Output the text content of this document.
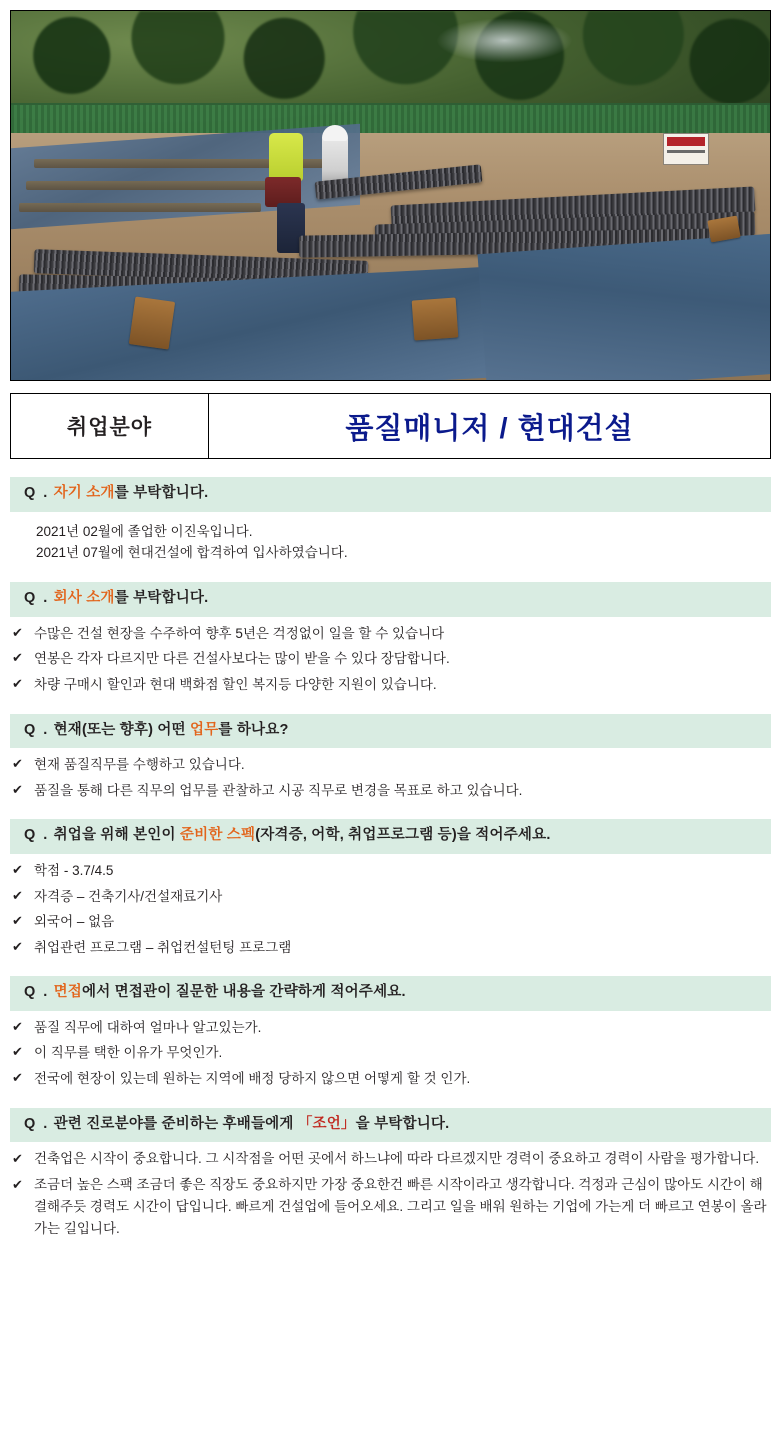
취업분야	품질매니저 / 현대건설
Q . 자기 소개를 부탁합니다.
2021년 02월에 졸업한 이진욱입니다.
2021년 07월에 현대건설에 합격하여 입사하였습니다.
Q . 회사 소개를 부탁합니다.
✔ 수많은 건설 현장을 수주하여 향후 5년은 걱정없이 일을 할 수 있습니다
✔ 연봉은 각자 다르지만 다른 건설사보다는 많이 받을 수 있다 장담합니다.
✔ 차량 구매시 할인과 현대 백화점 할인 복지등 다양한 지원이 있습니다.
Q . 현재(또는 향후) 어떤 업무를 하나요?
✔ 현재 품질직무를 수행하고 있습니다.
✔ 품질을 통해 다른 직무의 업무를 관찰하고 시공 직무로 변경을 목표로 하고 있습니다.
Q . 취업을 위해 본인이 준비한 스펙(자격증, 어학, 취업프로그램 등)을 적어주세요.
✔ 학점 - 3.7/4.5
✔ 자격증 – 건축기사/건설재료기사
✔ 외국어 – 없음
✔ 취업관련 프로그램 – 취업컨설턴팅 프로그램
Q . 면접에서 면접관이 질문한 내용을 간략하게 적어주세요.
✔ 품질 직무에 대하여 얼마나 알고있는가.
✔ 이 직무를 택한 이유가 무엇인가.
✔ 전국에 현장이 있는데 원하는 지역에 배정 당하지 않으면 어떻게 할 것 인가.
Q . 관련 진로분야를 준비하는 후배들에게 「조언」을 부탁합니다.
✔ 건축업은 시작이 중요합니다. 그 시작점을 어떤 곳에서 하느냐에 따라 다르겠지만 경력이 중요하고 경력이 사람을 평가합니다.
✔ 조금더 높은 스팩 조금더 좋은 직장도 중요하지만 가장 중요한건 빠른 시작이라고 생각합니다. 걱정과 근심이 많아도 시간이 해결해주듯 경력도 시간이 답입니다. 빠르게 건설업에 들어오세요. 그리고 일을 배워 원하는 기업에 가는게 더 빠르고 연봉이 올라가는 길입니다.
